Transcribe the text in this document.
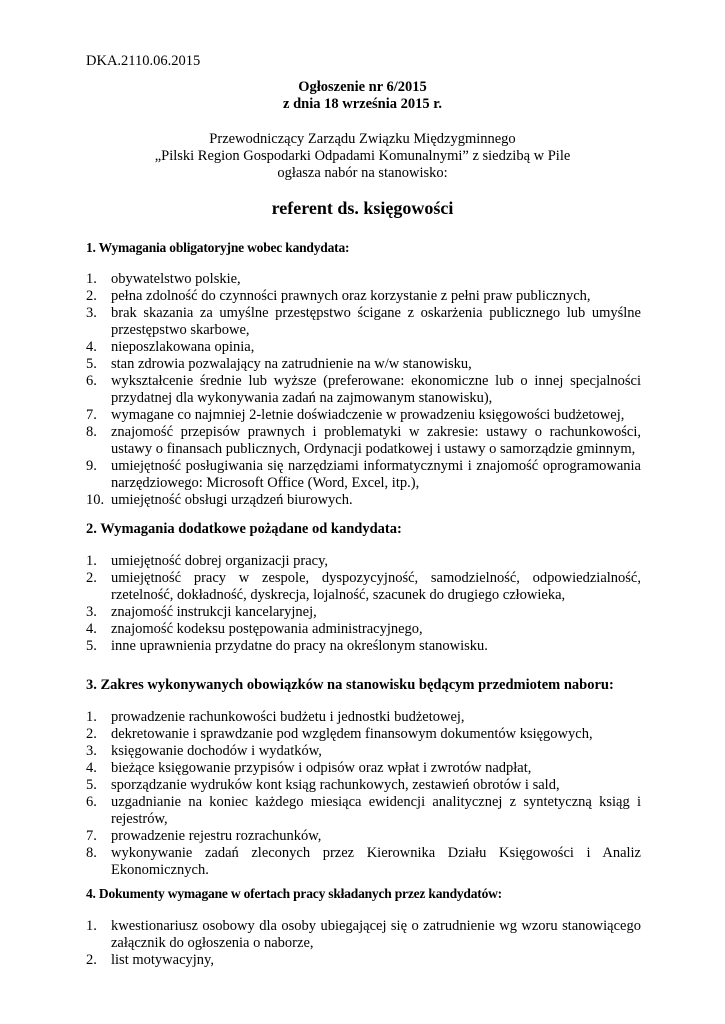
DKA.2110.06.2015
Ogłoszenie nr 6/2015
z dnia 18 września 2015 r.
Przewodniczący Zarządu Związku Międzygminnego
„Pilski Region Gospodarki Odpadami Komunalnymi” z siedzibą w Pile
ogłasza nabór na stanowisko:
referent ds. księgowości

1. Wymagania obligatoryjne wobec kandydata:

1. obywatelstwo polskie,
2. pełna zdolność do czynności prawnych oraz korzystanie z pełni praw publicznych,
3. brak skazania za umyślne przestępstwo ścigane z oskarżenia publicznego lub umyślne przestępstwo skarbowe,
4. nieposzlakowana opinia,
5. stan zdrowia pozwalający na zatrudnienie na w/w stanowisku,
6. wykształcenie średnie lub wyższe (preferowane: ekonomiczne lub o innej specjalności przydatnej dla wykonywania zadań na zajmowanym stanowisku),
7. wymagane co najmniej 2-letnie doświadczenie w prowadzeniu księgowości budżetowej,
8. znajomość przepisów prawnych i problematyki w zakresie: ustawy o rachunkowości, ustawy o finansach publicznych, Ordynacji podatkowej i ustawy o samorządzie gminnym,
9. umiejętność posługiwania się narzędziami informatycznymi i znajomość oprogramowania narzędziowego: Microsoft Office (Word, Excel, itp.),
10. umiejętność obsługi urządzeń biurowych.

2. Wymagania dodatkowe pożądane od kandydata:

1. umiejętność dobrej organizacji pracy,
2. umiejętność pracy w zespole, dyspozycyjność, samodzielność, odpowiedzialność, rzetelność, dokładność, dyskrecja, lojalność, szacunek do drugiego człowieka,
3. znajomość instrukcji kancelaryjnej,
4. znajomość kodeksu postępowania administracyjnego,
5. inne uprawnienia przydatne do pracy na określonym stanowisku.

3. Zakres wykonywanych obowiązków na stanowisku będącym przedmiotem naboru:

1. prowadzenie rachunkowości budżetu i jednostki budżetowej,
2. dekretowanie i sprawdzanie pod względem finansowym dokumentów księgowych,
3. księgowanie dochodów i wydatków,
4. bieżące księgowanie przypisów i odpisów oraz wpłat i zwrotów nadpłat,
5. sporządzanie wydruków kont ksiąg rachunkowych, zestawień obrotów i sald,
6. uzgadnianie na koniec każdego miesiąca ewidencji analitycznej z syntetyczną ksiąg i rejestrów,
7. prowadzenie rejestru rozrachunków,
8. wykonywanie zadań zleconych przez Kierownika Działu Księgowości i Analiz Ekonomicznych.

4. Dokumenty wymagane w ofertach pracy składanych przez kandydatów:

1. kwestionariusz osobowy dla osoby ubiegającej się o zatrudnienie wg wzoru stanowiącego załącznik do ogłoszenia o naborze,
2. list motywacyjny,
